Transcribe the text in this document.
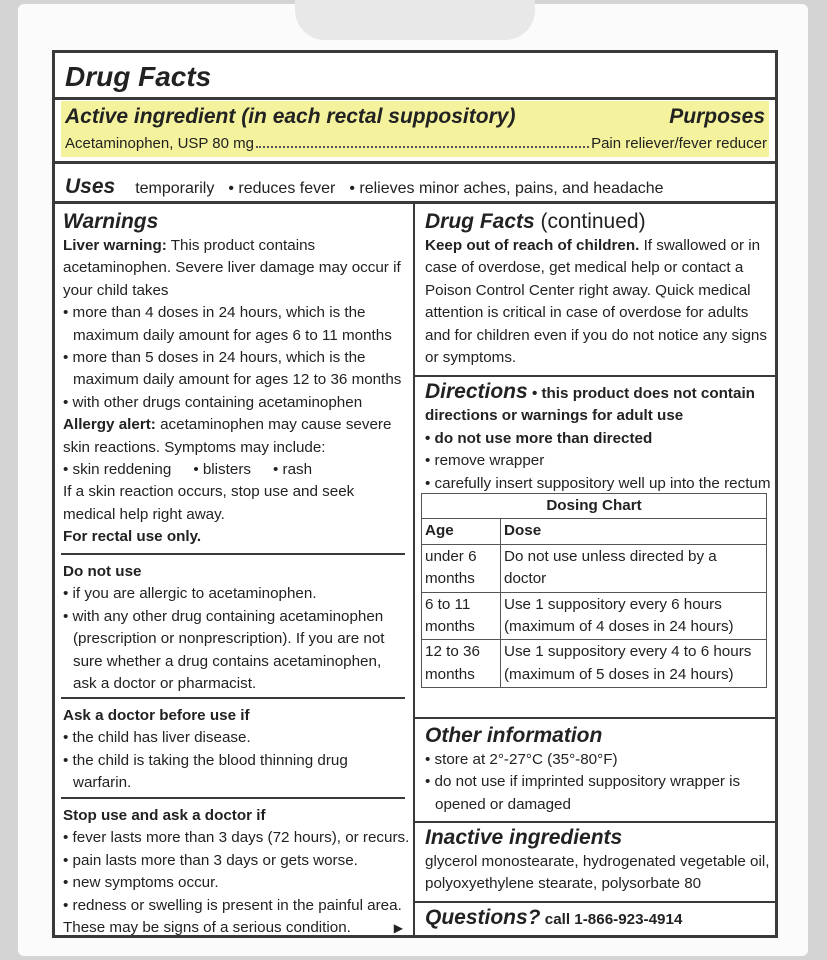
Drug Facts
Active ingredient (in each rectal suppository)	Purposes
Acetaminophen, USP 80 mg	Pain reliever/fever reducer
Uses temporarily • reduces fever • relieves minor aches, pains, and headache
Warnings
Liver warning: This product contains acetaminophen. Severe liver damage may occur if your child takes
• more than 4 doses in 24 hours, which is the maximum daily amount for ages 6 to 11 months
• more than 5 doses in 24 hours, which is the maximum daily amount for ages 12 to 36 months
• with other drugs containing acetaminophen
Allergy alert: acetaminophen may cause severe skin reactions. Symptoms may include:
• skin reddening • blisters • rash
If a skin reaction occurs, stop use and seek medical help right away.
For rectal use only.
Do not use
• if you are allergic to acetaminophen.
• with any other drug containing acetaminophen (prescription or nonprescription). If you are not sure whether a drug contains acetaminophen, ask a doctor or pharmacist.
Ask a doctor before use if
• the child has liver disease.
• the child is taking the blood thinning drug warfarin.
Stop use and ask a doctor if
• fever lasts more than 3 days (72 hours), or recurs.
• pain lasts more than 3 days or gets worse.
• new symptoms occur.
• redness or swelling is present in the painful area.
These may be signs of a serious condition.	▶
Drug Facts (continued)
Keep out of reach of children. If swallowed or in case of overdose, get medical help or contact a Poison Control Center right away. Quick medical attention is critical in case of overdose for adults and for children even if you do not notice any signs or symptoms.
Directions • this product does not contain directions or warnings for adult use
• do not use more than directed
• remove wrapper
• carefully insert suppository well up into the rectum
Dosing Chart	
Age	Dose
under 6 months	Do not use unless directed by a doctor
6 to 11 months	Use 1 suppository every 6 hours (maximum of 4 doses in 24 hours)
12 to 36 months	Use 1 suppository every 4 to 6 hours (maximum of 5 doses in 24 hours)
Other information
• store at 2°-27°C (35°-80°F)
• do not use if imprinted suppository wrapper is opened or damaged
Inactive ingredients
glycerol monostearate, hydrogenated vegetable oil, polyoxyethylene stearate, polysorbate 80
Questions? call 1-866-923-4914
